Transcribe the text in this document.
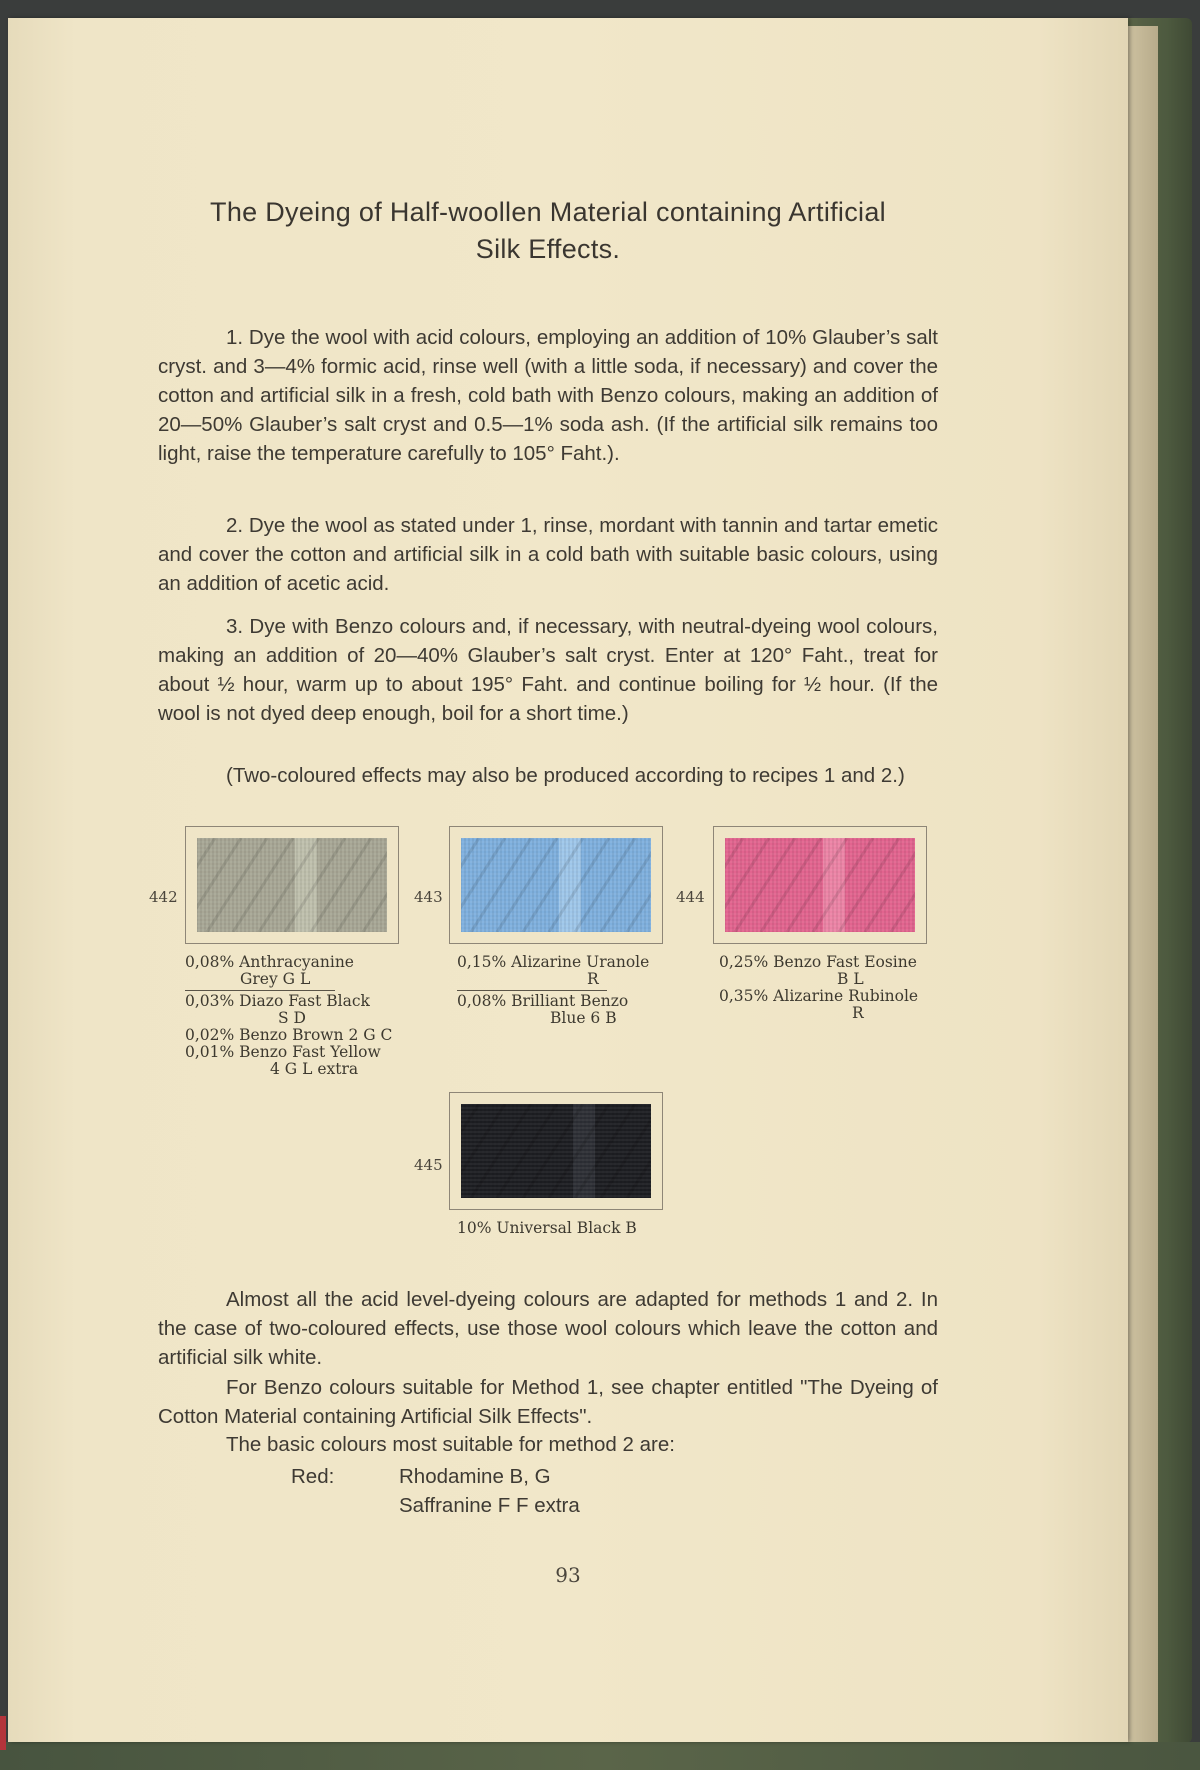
The Dyeing of Half-woollen Material containing Artificial
Silk Effects.

1. Dye the wool with acid colours, employing an addition of 10% Glauber’s salt cryst. and 3—4% formic acid, rinse well (with a little soda, if necessary) and cover the cotton and artificial silk in a fresh, cold bath with Benzo colours, making an addition of 20—50% Glauber’s salt cryst and 0.5—1% soda ash. (If the artificial silk remains too light, raise the temperature carefully to 105° Faht.).

2. Dye the wool as stated under 1, rinse, mordant with tannin and tartar emetic and cover the cotton and artificial silk in a cold bath with suitable basic colours, using an addition of acetic acid.

3. Dye with Benzo colours and, if necessary, with neutral-dyeing wool colours, making an addition of 20—40% Glauber’s salt cryst. Enter at 120° Faht., treat for about ½ hour, warm up to about 195° Faht. and continue boiling for ½ hour. (If the wool is not dyed deep enough, boil for a short time.)

(Two-coloured effects may also be produced according to recipes 1 and 2.)

442
0,08% Anthracyanine
Grey G L
0,03% Diazo Fast Black
S D
0,02% Benzo Brown 2 G C
0,01% Benzo Fast Yellow
4 G L extra
443
0,15% Alizarine Uranole
R
0,08% Brilliant Benzo
Blue 6 B
444
0,25% Benzo Fast Eosine
B L
0,35% Alizarine Rubinole
R
445
10% Universal Black B

Almost all the acid level-dyeing colours are adapted for methods 1 and 2. In the case of two-coloured effects, use those wool colours which leave the cotton and artificial silk white.

For Benzo colours suitable for Method 1, see chapter entitled "The Dyeing of Cotton Material containing Artificial Silk Effects".

The basic colours most suitable for method 2 are:

Red:	Rhodamine B, G
Saffranine F F extra
93
